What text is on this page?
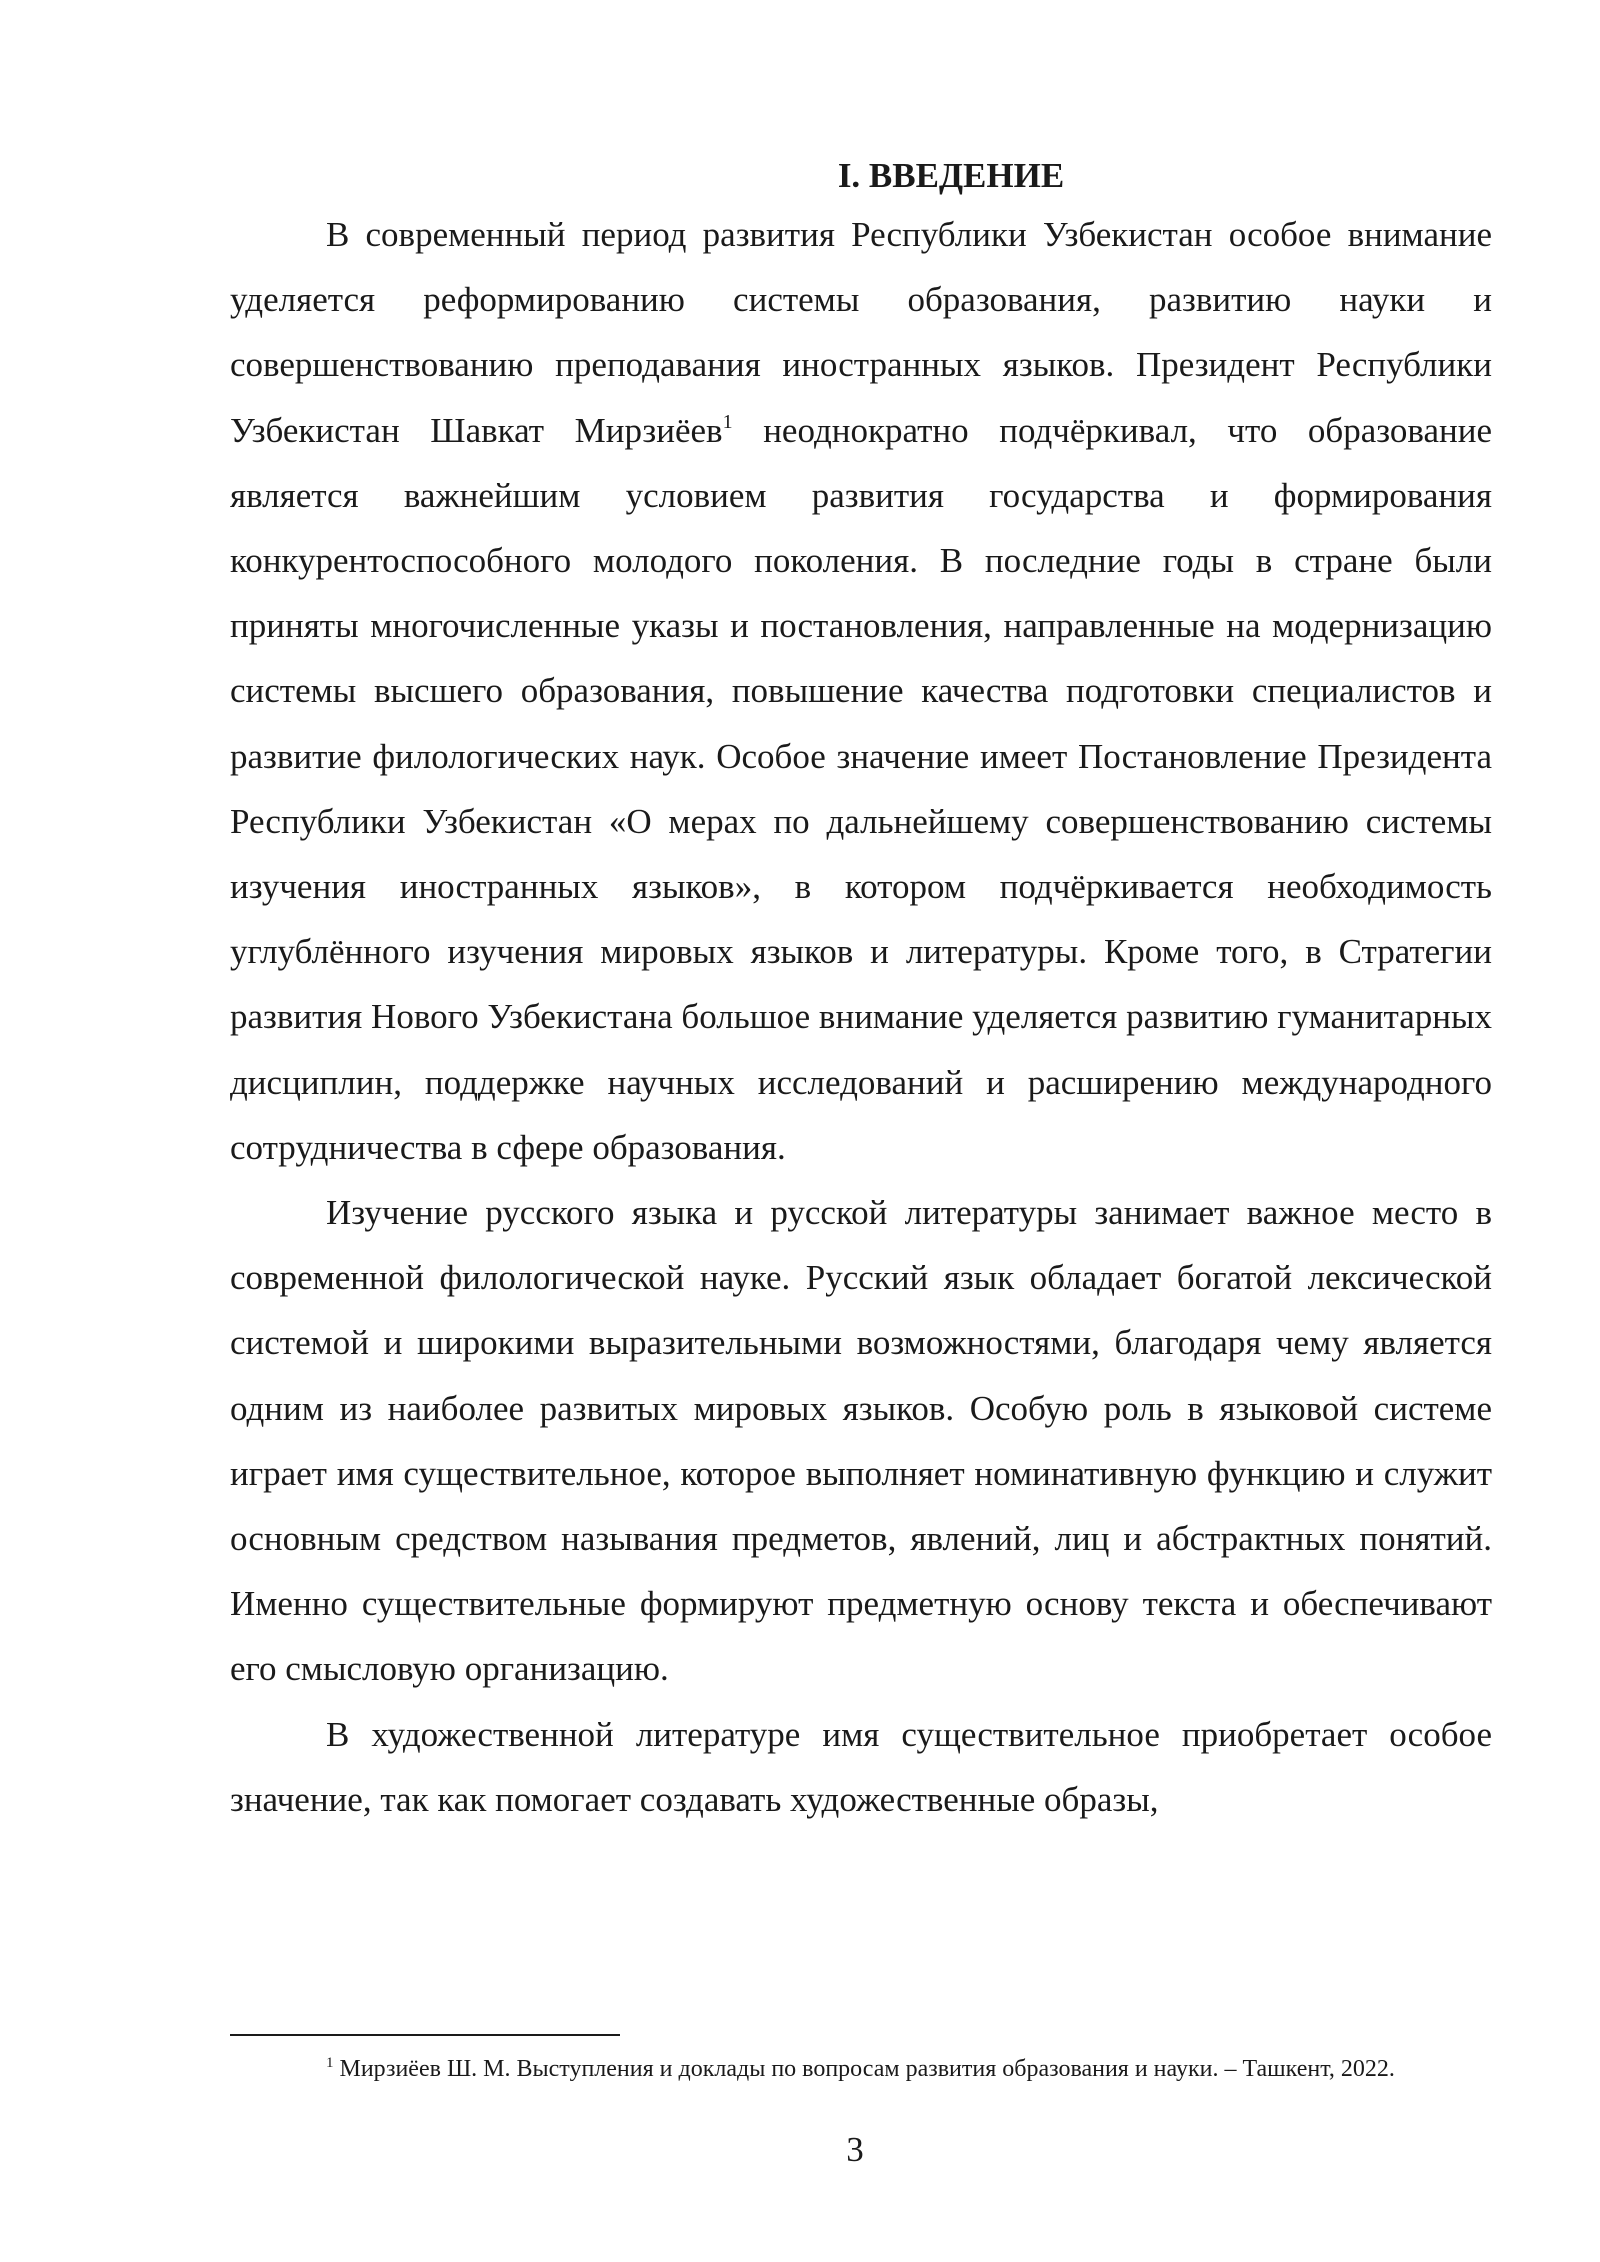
I. ВВЕДЕНИЕ

В современный период развития Республики Узбекистан особое внимание уделяется реформированию системы образования, развитию науки и совершенствованию преподавания иностранных языков. Президент Республики Узбекистан Шавкат Мирзиёев$^1$ неоднократно подчёркивал, что образование является важнейшим условием развития государства и формирования конкурентоспособного молодого поколения. В последние годы в стране были приняты многочисленные указы и постановления, направленные на модернизацию системы высшего образования, повышение качества подготовки специалистов и развитие филологических наук. Особое значение имеет Постановление Президента Республики Узбекистан «О мерах по дальнейшему совершенствованию системы изучения иностранных языков», в котором подчёркивается необходимость углублённого изучения мировых языков и литературы. Кроме того, в Стратегии развития Нового Узбекистана большое внимание уделяется развитию гуманитарных дисциплин, поддержке научных исследований и расширению международного сотрудничества в сфере образования.

Изучение русского языка и русской литературы занимает важное место в современной филологической науке. Русский язык обладает богатой лексической системой и широкими выразительными возможностями, благодаря чему является одним из наиболее развитых мировых языков. Особую роль в языковой системе играет имя существительное, которое выполняет номинативную функцию и служит основным средством называния предметов, явлений, лиц и абстрактных понятий. Именно существительные формируют предметную основу текста и обеспечивают его смысловую организацию.

В художественной литературе имя существительное приобретает особое значение, так как помогает создавать художественные образы,

$^1$ Мирзиёев Ш. М. Выступления и доклады по вопросам развития образования и науки. – Ташкент, 2022.

3
